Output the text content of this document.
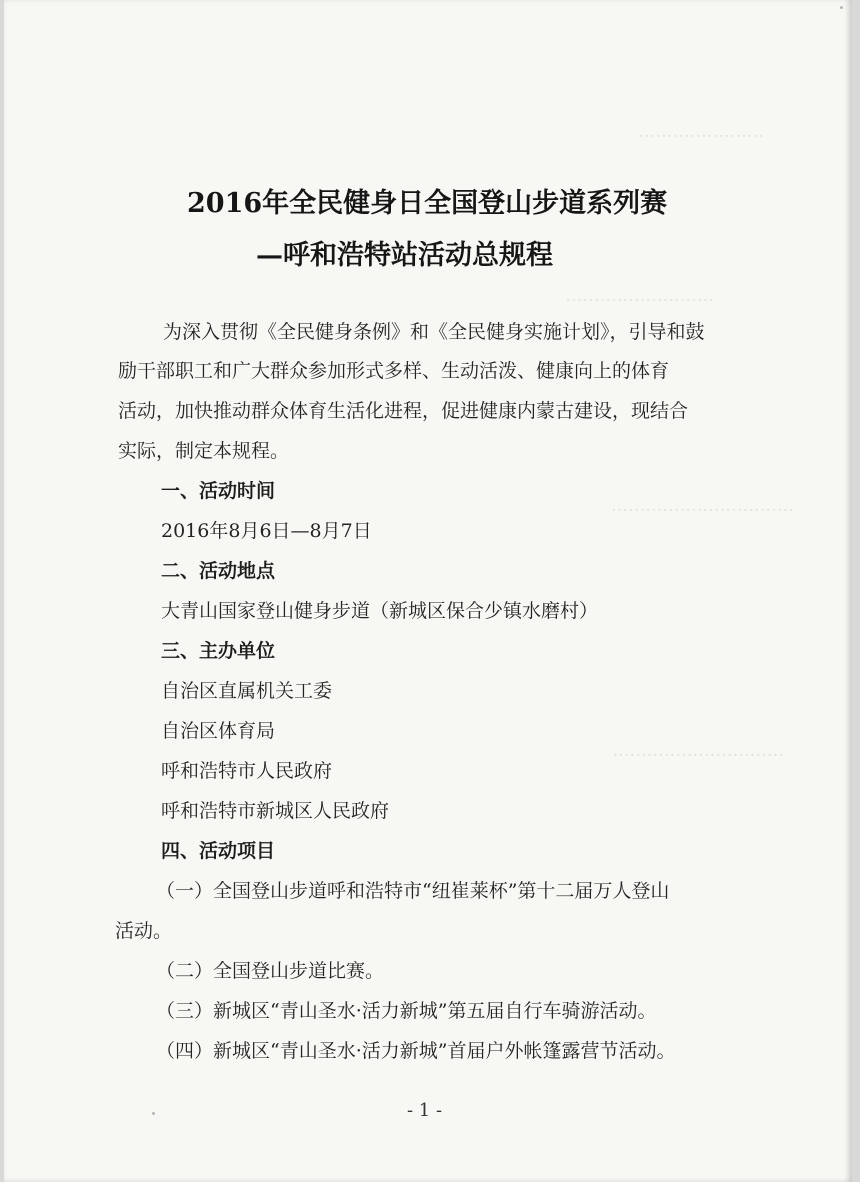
······················
··························
································
······························
2016年全民健身日全国登山步道系列赛
—呼和浩特站活动总规程
为深入贯彻《全民健身条例》和《全民健身实施计划》，引导和鼓
励干部职工和广大群众参加形式多样、生动活泼、健康向上的体育
活动，加快推动群众体育生活化进程，促进健康内蒙古建设，现结合
实际，制定本规程。
一、活动时间
2016年8月6日—8月7日
二、活动地点
大青山国家登山健身步道（新城区保合少镇水磨村）
三、主办单位
自治区直属机关工委
自治区体育局
呼和浩特市人民政府
呼和浩特市新城区人民政府
四、活动项目
（一）全国登山步道呼和浩特市“纽崔莱杯”第十二届万人登山
活动。
（二）全国登山步道比赛。
（三）新城区“青山圣水·活力新城”第五届自行车骑游活动。
（四）新城区“青山圣水·活力新城”首届户外帐篷露营节活动。
- 1 -
